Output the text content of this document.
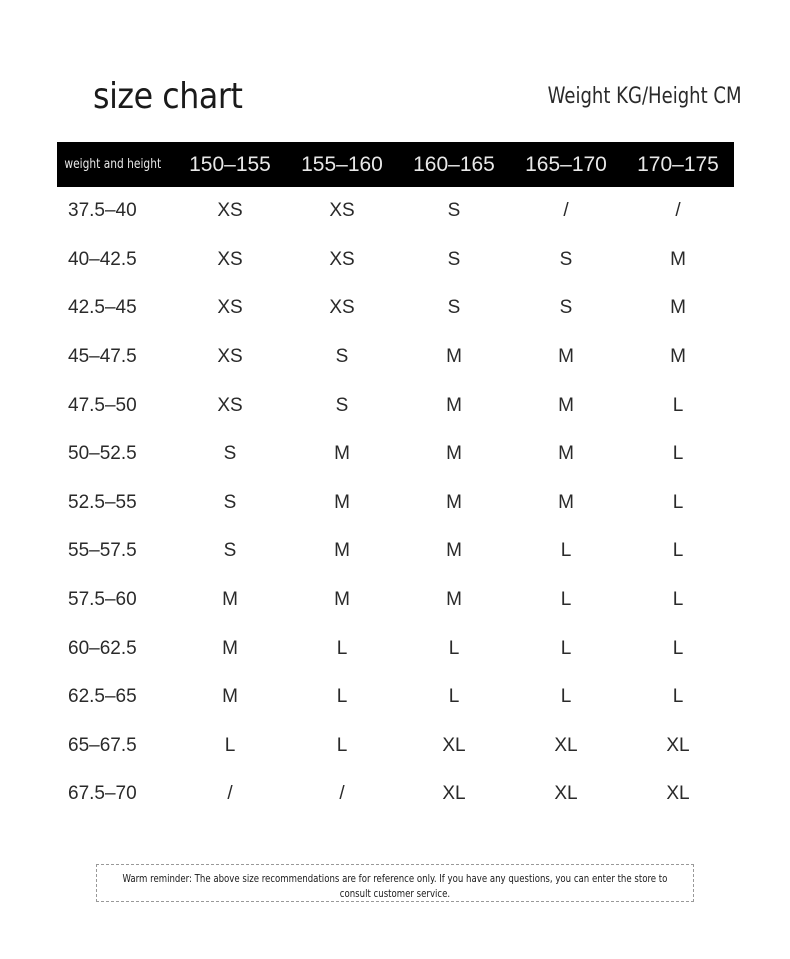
size chart	Weight KG/Height CM
weight and height	150–155	155–160	160–165	165–170	170–175
37.5–40	XS	XS	S	/	/
40–42.5	XS	XS	S	S	M
42.5–45	XS	XS	S	S	M
45–47.5	XS	S	M	M	M
47.5–50	XS	S	M	M	L
50–52.5	S	M	M	M	L
52.5–55	S	M	M	M	L
55–57.5	S	M	M	L	L
57.5–60	M	M	M	L	L
60–62.5	M	L	L	L	L
62.5–65	M	L	L	L	L
65–67.5	L	L	XL	XL	XL
67.5–70	/	/	XL	XL	XL
Warm reminder: The above size recommendations are for reference only. If you have any questions, you can enter the store to consult customer service.
